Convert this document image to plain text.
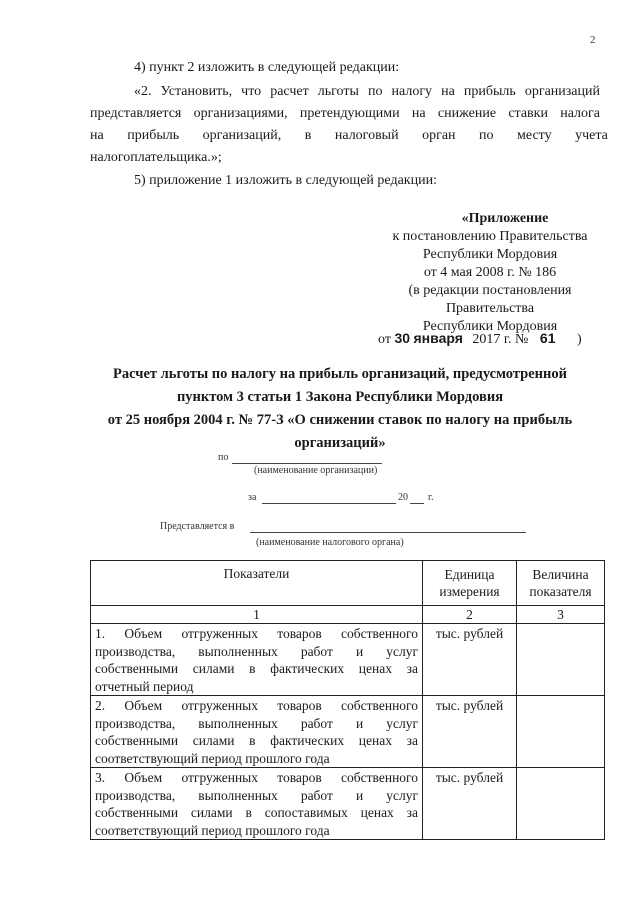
2
4) пункт 2 изложить в следующей редакции:
«2. Установить, что расчет льготы по налогу на прибыль организаций
представляется организациями, претендующими на снижение ставки налога
на прибыль организаций, в налоговый орган по месту учета
налогоплательщика.»;
5) приложение 1 изложить в следующей редакции:
«Приложение
к постановлению Правительства
Республики Мордовия
от 4 мая 2008 г. № 186
(в редакции постановления
Правительства
Республики Мордовия
от 30 января 2017 г. № 61 )
Расчет льготы по налогу на прибыль организаций, предусмотренной
пунктом 3 статьи 1 Закона Республики Мордовия
от 25 ноября 2004 г. № 77-З «О снижении ставок по налогу на прибыль
организаций»
по
(наименование организации)
за	20 г.
Представляется в
(наименование налогового органа)
Показатели	Единица измерения	Величина показателя
1	2	3
1. Объем отгруженных товаров собственного производства, выполненных работ и услуг собственными силами в фактических ценах за отчетный период	тыс. рублей	
2. Объем отгруженных товаров собственного производства, выполненных работ и услуг собственными силами в фактических ценах за соответствующий период прошлого года	тыс. рублей	
3. Объем отгруженных товаров собственного производства, выполненных работ и услуг собственными силами в сопоставимых ценах за соответствующий период прошлого года	тыс. рублей	
